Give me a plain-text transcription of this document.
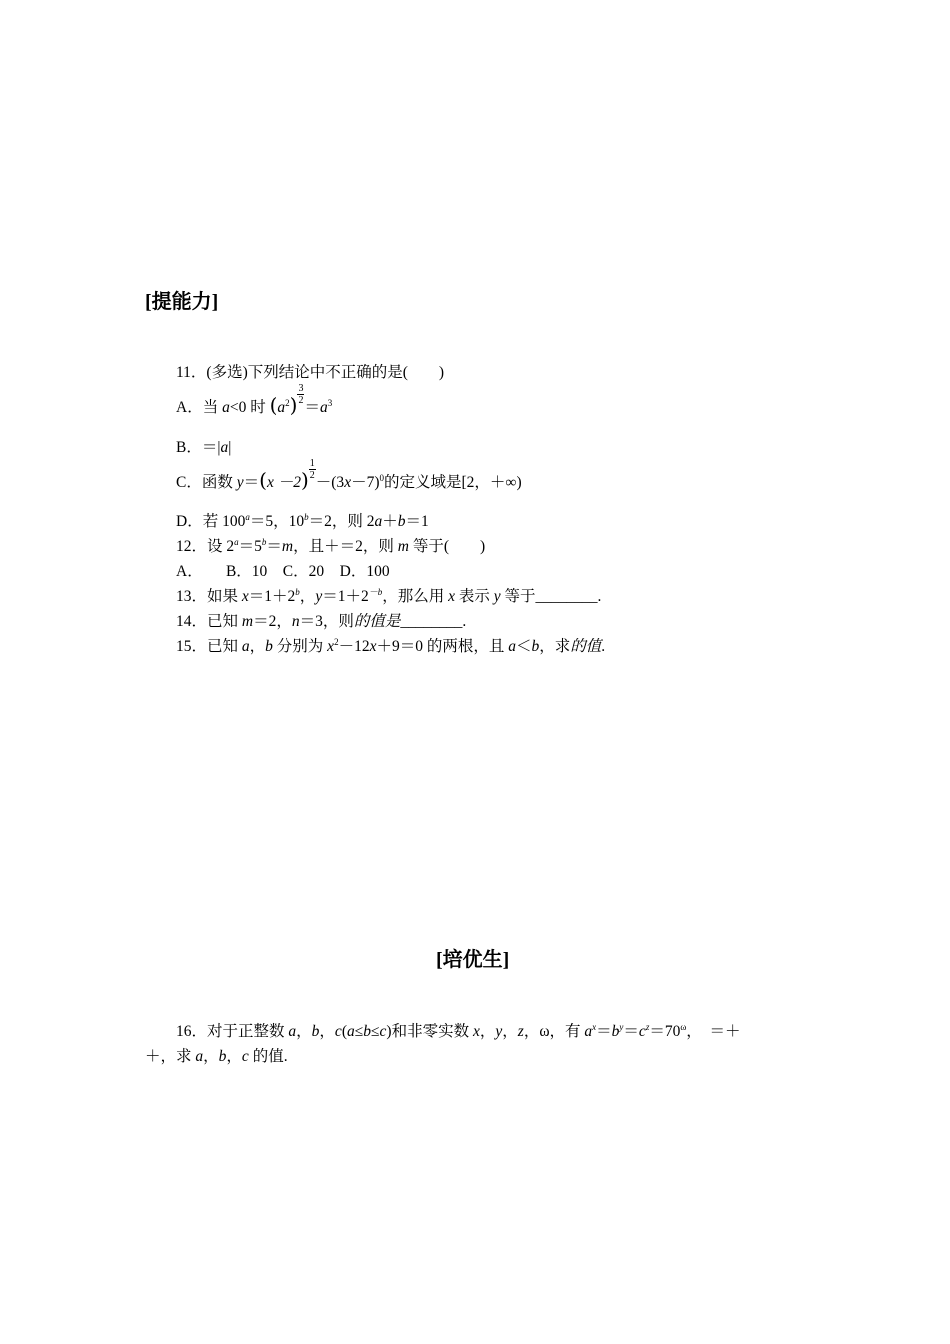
[提能力]
11．(多选)下列结论中不正确的是(　　)
A．当 a<0 时 $(a^2) \frac{3}{2}$
$=a^3$
B．＝|a|
C．函数 $y=(x -2) \frac{1}{2}$
$-(3x-7)^0$的定义域是[2，＋∞)
D．若 $100^a=5$，$10^b=2$，则 2a＋b＝1
12．设 $2^a=5^b=m$，且＋＝2，则 m 等于(　　)
A．　　B．10　C．20　D．100
13．如果 $x=1+2^b$，$y=1+2^{-b}$，那么用 x 表示 y 等于________.
14．已知 m＝2，n＝3，则的值是________.
15．已知 a，b 分别为 $x^2-12x+9=0$ 的两根，且 a＜b，求的值.
[培优生]
16．对于正整数 a，b，c(a≤b≤c)和非零实数 x，y，z，ω，有 $a^x=b^y=c^z=70^\omega$，　＝＋
＋，求 a，b，c 的值.
